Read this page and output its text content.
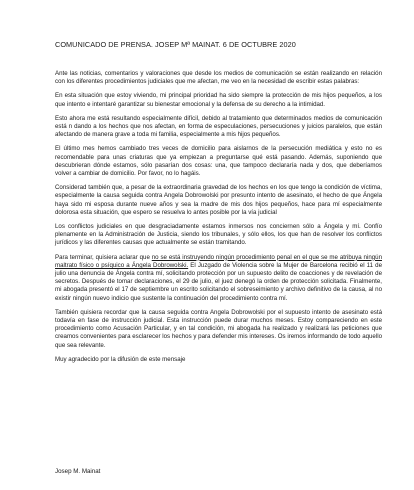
COMUNICADO DE PRENSA. JOSEP Mª MAINAT. 6 DE OCTUBRE 2020

Ante las noticias, comentarios y valoraciones que desde los medios de comunicación se están realizando en relación con los diferentes procedimientos judiciales que me afectan, me veo en la necesidad de escribir estas palabras:

En esta situación que estoy viviendo, mi principal prioridad ha sido siempre la protección de mis hijos pequeños, a los que intento e intentaré garantizar su bienestar emocional y la defensa de su derecho a la intimidad.

Esto ahora me está resultando especialmente difícil, debido al tratamiento que determinados medios de comunicación está n dando a los hechos que nos afectan, en forma de especulaciones, persecuciones y juicios paralelos, que están afectando de manera grave a toda mi familia, especialmente a mis hijos pequeños.

El último mes hemos cambiado tres veces de domicilio para aislarnos de la persecución mediática y esto no es recomendable para unas criaturas que ya empiezan a preguntarse qué está pasando. Además, suponiendo que descubrieran dónde estamos, sólo pasarían dos cosas: una, que tampoco declararía nada y dos, que deberíamos volver a cambiar de domicilio. Por favor, no lo hagáis.

Considerad también que, a pesar de la extraordinaria gravedad de los hechos en los que tengo la condición de víctima, especialmente la causa seguida contra Angela Dobrowolski por presunto intento de asesinato, el hecho de que Ángela haya sido mi esposa durante nueve años y sea la madre de mis dos hijos pequeños, hace para mí especialmente dolorosa esta situación, que espero se resuelva lo antes posible por la vía judicial

Los conflictos judiciales en que desgraciadamente estamos inmersos nos conciernen sólo a Ángela y mí. Confío plenamente en la Administración de Justicia, siendo los tribunales, y sólo ellos, los que han de resolver los conflictos jurídicos y las diferentes causas que actualmente se están tramitando.

Para terminar, quisiera aclarar que no se está instruyendo ningún procedimiento penal en el que se me atribuya ningún maltrato físico o psíquico a Ángela Dobrowolski. El Juzgado de Violencia sobre la Mujer de Barcelona recibió el 11 de julio una denuncia de Ángela contra mí, solicitando protección por un supuesto delito de coacciones y de revelación de secretos. Después de tomar declaraciones, el 29 de julio, el juez denegó la orden de protección solicitada. Finalmente, mi abogada presentó el 17 de septiembre un escrito solicitando el sobreseimiento y archivo definitivo de la causa, al no existir ningún nuevo indicio que sustente la continuación del procedimiento contra mí.

También quisiera recordar que la causa seguida contra Angela Dobrowolski por el supuesto intento de asesinato está todavía en fase de instrucción judicial. Esta instrucción puede durar muchos meses. Estoy compareciendo en este procedimiento como Acusación Particular, y en tal condición, mi abogada ha realizado y realizará las peticiones que creamos convenientes para esclarecer los hechos y para defender mis intereses. Os iremos informando de todo aquello que sea relevante.

Muy agradecido por la difusión de este mensaje

Josep M. Mainat
